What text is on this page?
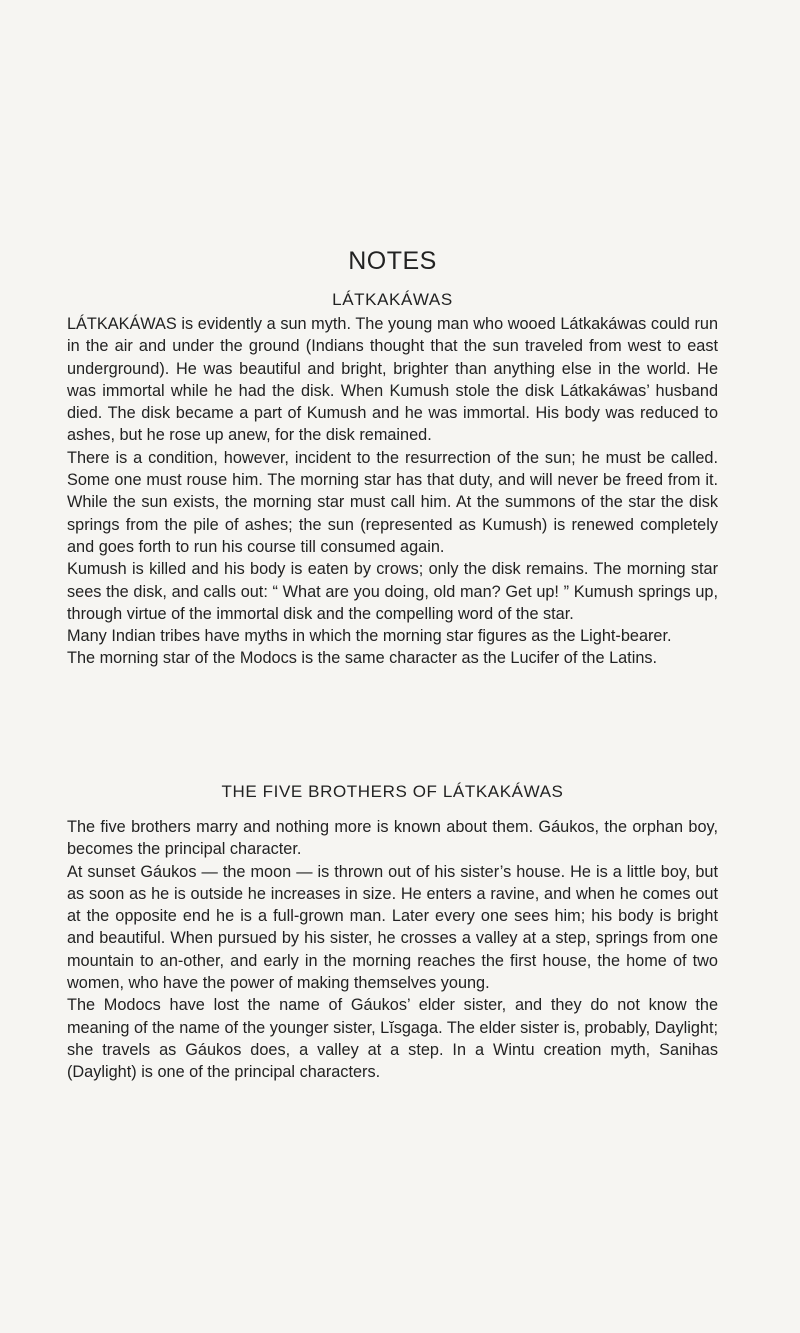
NOTES
LÁTKAKÁWAS

LÁTKAKÁWAS is evidently a sun myth. The young man who wooed Látkakáwas could run in the air and under the ground (Indians thought that the sun traveled from west to east underground). He was beautiful and bright, brighter than anything else in the world. He was immortal while he had the disk. When Kumush stole the disk Látkakáwas’ husband died. The disk became a part of Kumush and he was immortal. His body was reduced to ashes, but he rose up anew, for the disk remained.

There is a condition, however, incident to the resurrection of the sun; he must be called. Some one must rouse him. The morning star has that duty, and will never be freed from it. While the sun exists, the morning star must call him. At the summons of the star the disk springs from the pile of ashes; the sun (represented as Kumush) is renewed completely and goes forth to run his course till consumed again.

Kumush is killed and his body is eaten by crows; only the disk remains. The morning star sees the disk, and calls out: “ What are you doing, old man? Get up! ” Kumush springs up, through virtue of the immortal disk and the compelling word of the star.

Many Indian tribes have myths in which the morning star figures as the Light-bearer.

The morning star of the Modocs is the same character as the Lucifer of the Latins.

THE FIVE BROTHERS OF LÁTKAKÁWAS

The five brothers marry and nothing more is known about them. Gáukos, the orphan boy, becomes the principal character.

At sunset Gáukos — the moon — is thrown out of his sister’s house. He is a little boy, but as soon as he is outside he increases in size. He enters a ravine, and when he comes out at the opposite end he is a full-grown man. Later every one sees him; his body is bright and beautiful. When pursued by his sister, he crosses a valley at a step, springs from one mountain to an-other, and early in the morning reaches the first house, the home of two women, who have the power of making themselves young.

The Modocs have lost the name of Gáukos’ elder sister, and they do not know the meaning of the name of the younger sister, Lĭsgaga. The elder sister is, probably, Daylight; she travels as Gáukos does, a valley at a step. In a Wintu creation myth, Sanihas (Daylight) is one of the principal characters.
